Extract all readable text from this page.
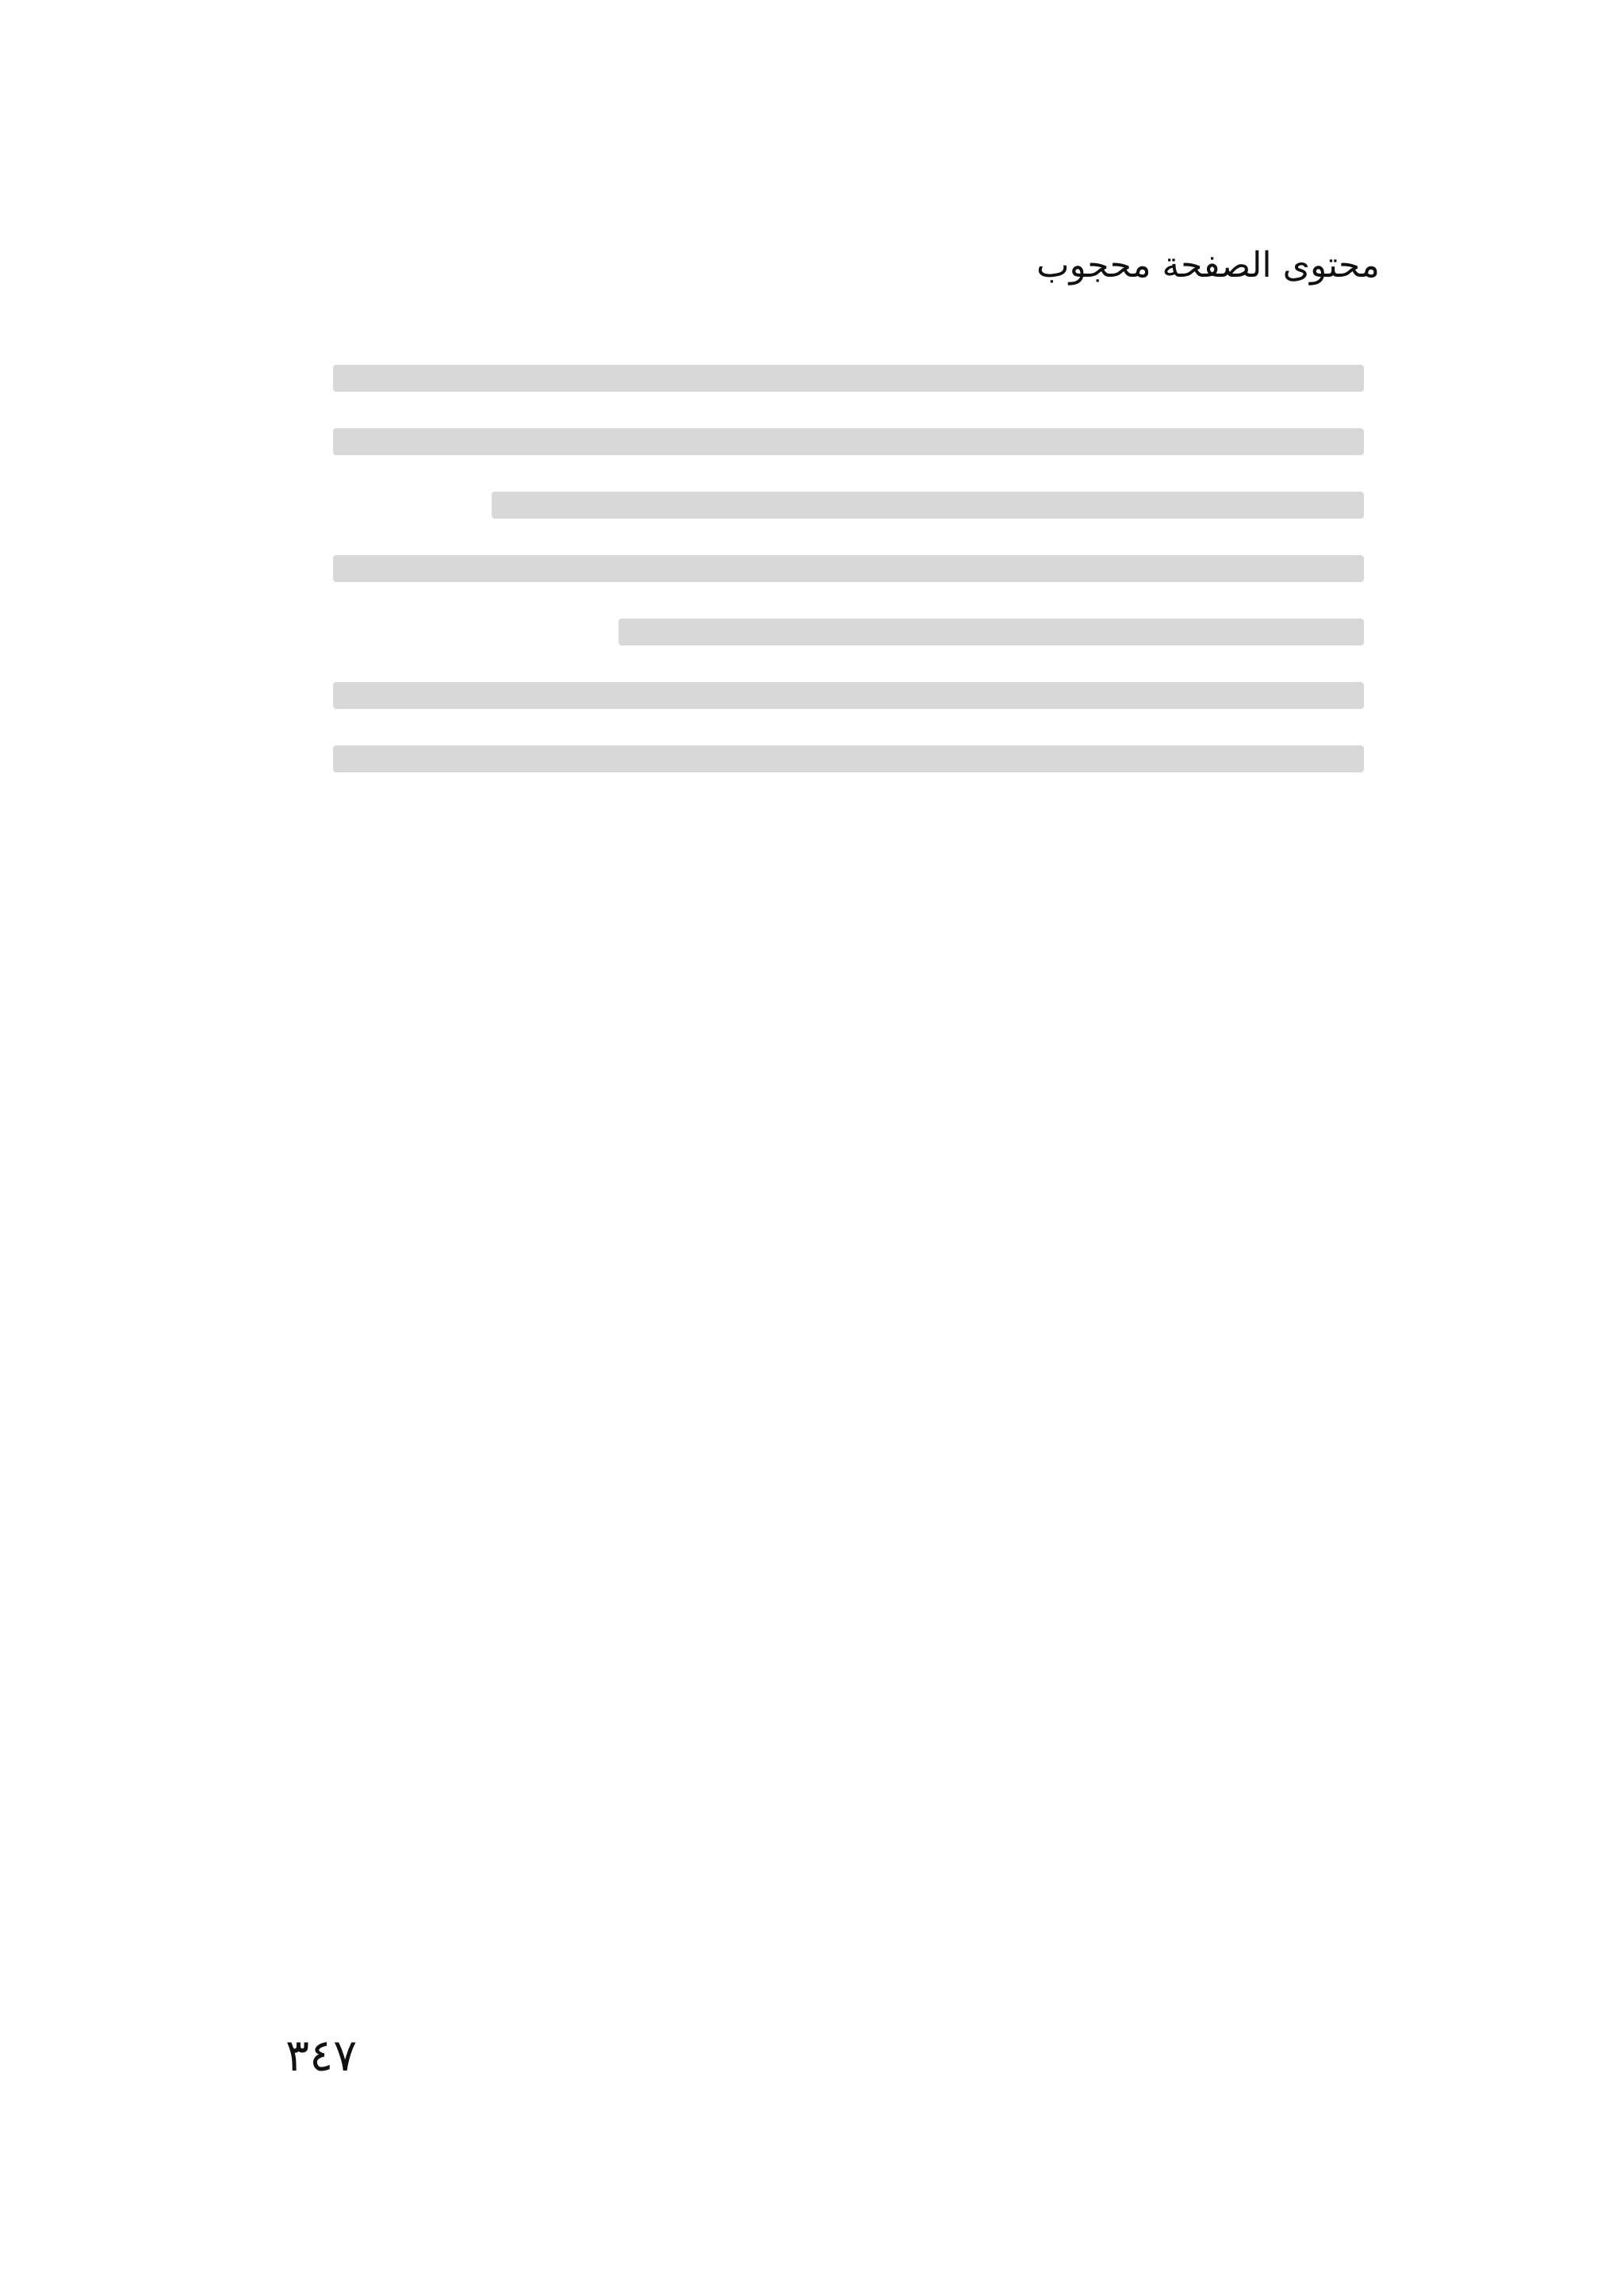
محتوى الصفحة محجوب
٣٤٧
